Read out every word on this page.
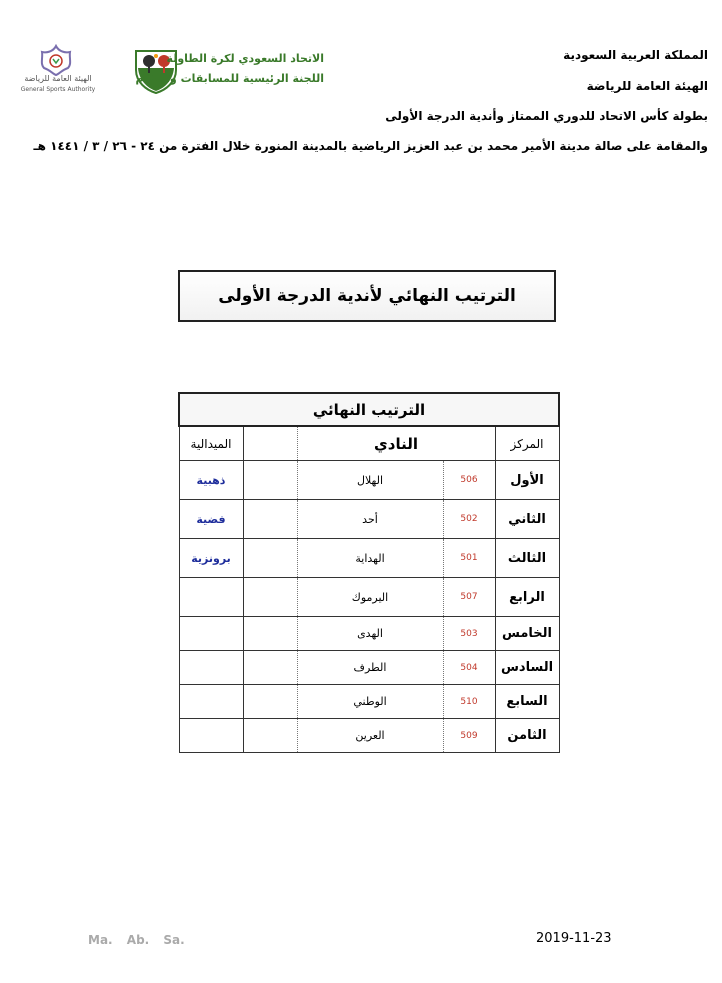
المملكة العربية السعودية
الهيئة العامة للرياضة
بطولة كأس الاتحاد للدوري الممتاز وأندية الدرجة الأولى
والمقامة على صالة مدينة الأمير محمد بن عبد العزيز الرياضية بالمدينة المنورة خلال الفترة من ٢٤ - ٢٦ / ٣ / ١٤٤١ هـ
الاتحاد السعودي لكرة الطاولة
اللجنة الرئيسية للمسابقات والحكام
الهيئة العامة للرياضة
General Sports Authority
الترتيب النهائي لأندية الدرجة الأولى
الترتيب النهائي				
الميدالية		النادي		المركز
ذهبية		الهلال	506	الأول
فضية		أحد	502	الثاني
برونزية		الهداية	501	الثالث
		اليرموك	507	الرابع
		الهدى	503	الخامس
		الطرف	504	السادس
		الوطني	510	السابع
		العرين	509	الثامن
Ma. Ab. Sa.	2019-11-23
